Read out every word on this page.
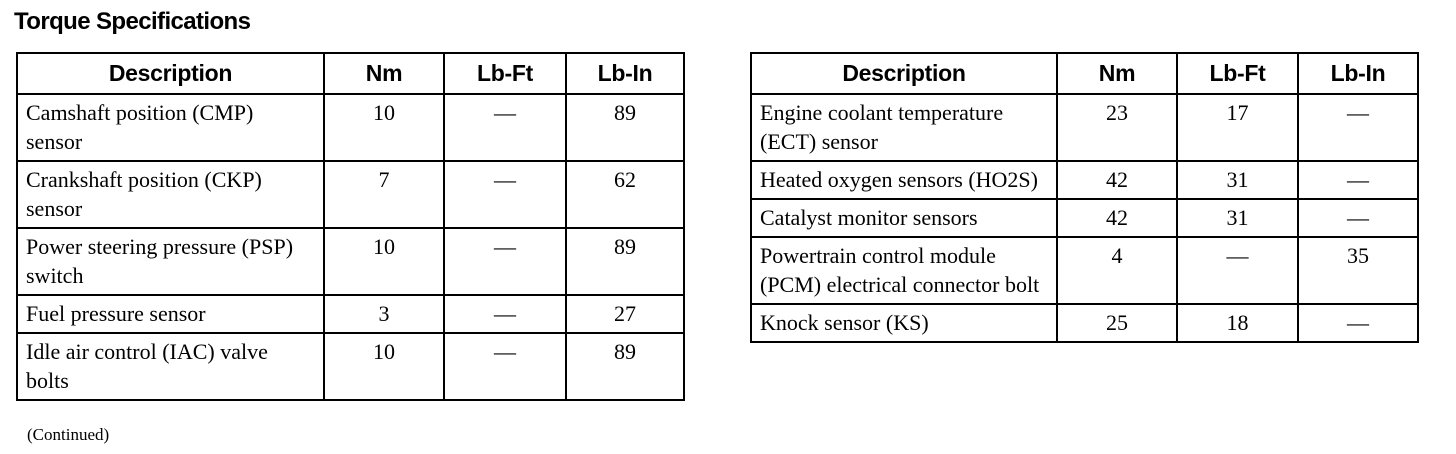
Torque Specifications
Description	Nm	Lb-Ft	Lb-In
Camshaft position (CMP) sensor	10	—	89
Crankshaft position (CKP) sensor	7	—	62
Power steering pressure (PSP) switch	10	—	89
Fuel pressure sensor	3	—	27
Idle air control (IAC) valve bolts	10	—	89
(Continued)
Description	Nm	Lb-Ft	Lb-In
Engine coolant temperature (ECT) sensor	23	17	—
Heated oxygen sensors (HO2S)	42	31	—
Catalyst monitor sensors	42	31	—
Powertrain control module (PCM) electrical connector bolt	4	—	35
Knock sensor (KS)	25	18	—
